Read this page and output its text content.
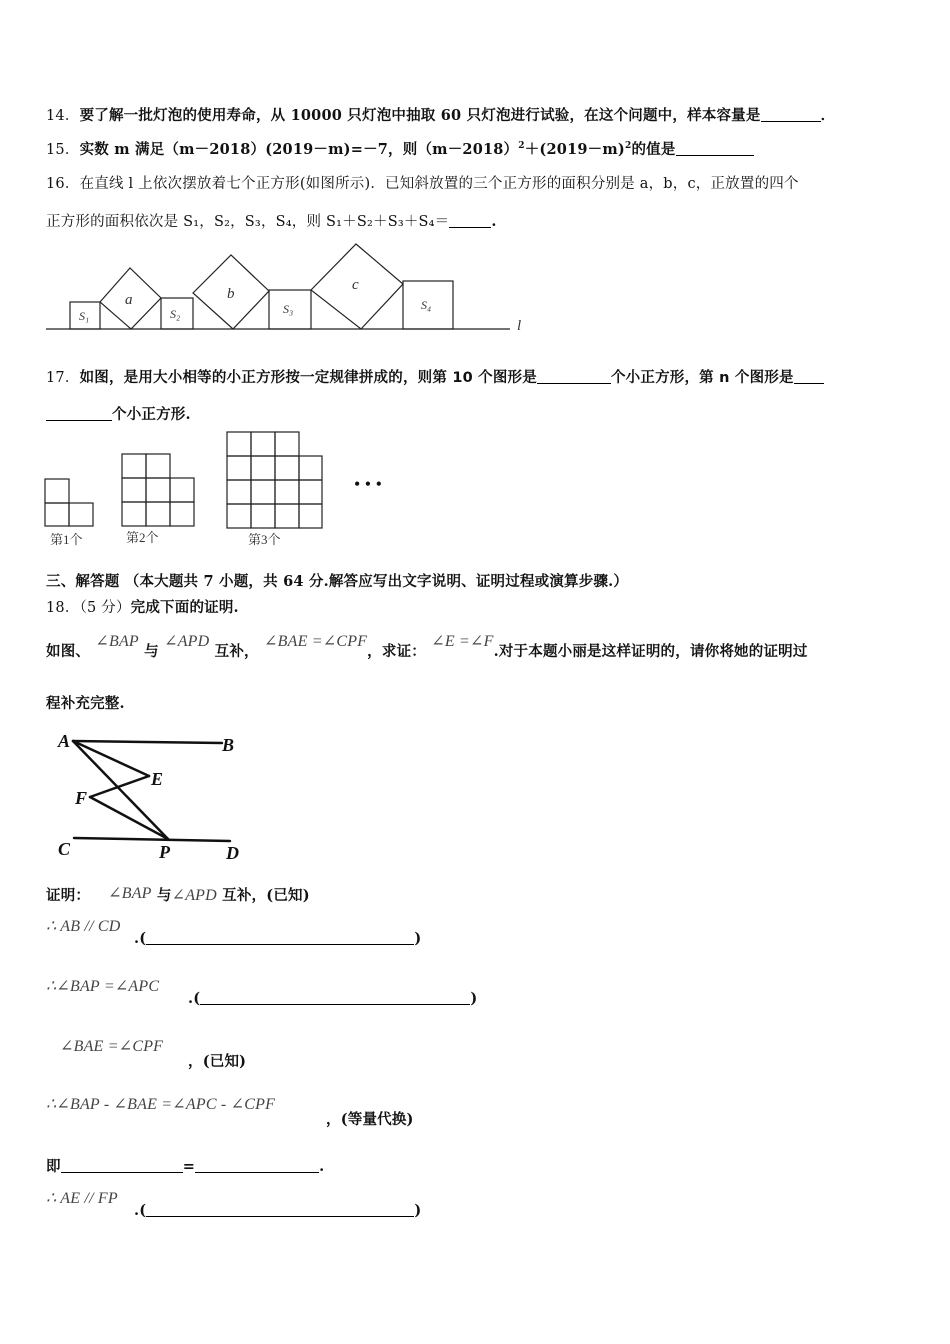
14．要了解一批灯泡的使用寿命，从 10000 只灯泡中抽取 60 只灯泡进行试验，在这个问题中，样本容量是	．
15．实数 m 满足（m－2018）(2019－m)=－7，则$(m-2018)^2+(2019-m)^2$的值是
16．在直线 l 上依次摆放着七个正方形(如图所示)．已知斜放置的三个正方形的面积分别是 a，b，c，正放置的四个
正方形的面积依次是 S₁，S₂，S₃，S₄，则 S₁＋S₂＋S₃＋S₄＝	.
S₁	S₂	S₃	S₄
a	b
c
l
17．如图，是用大小相等的小正方形按一定规律拼成的，则第 10 个图形是	个小正方形，第 n 个图形是
个小正方形.
第1个	第2个	第3个
• • •
三、解答题 （本大题共 7 小题，共 64 分.解答应写出文字说明、证明过程或演算步骤.）
18．（5 分）完成下面的证明.
如图、 ∠BAP 与 ∠APD 互补， ∠BAE =∠CPF，求证： ∠E =∠F.对于本题小丽是这样证明的，请你将她的证明过
程补充完整.
A	B
E
F
C	P	D
证明： ∠BAP 与∠APD 互补，(已知)
∴ AB // CD
.(	)
∴∠BAP =∠APC
.(	)
∠BAE =∠CPF
，(已知)
∴∠BAP - ∠BAE =∠APC - ∠CPF
，(等量代换)
即	=	.
∴ AE // FP
.(	)
